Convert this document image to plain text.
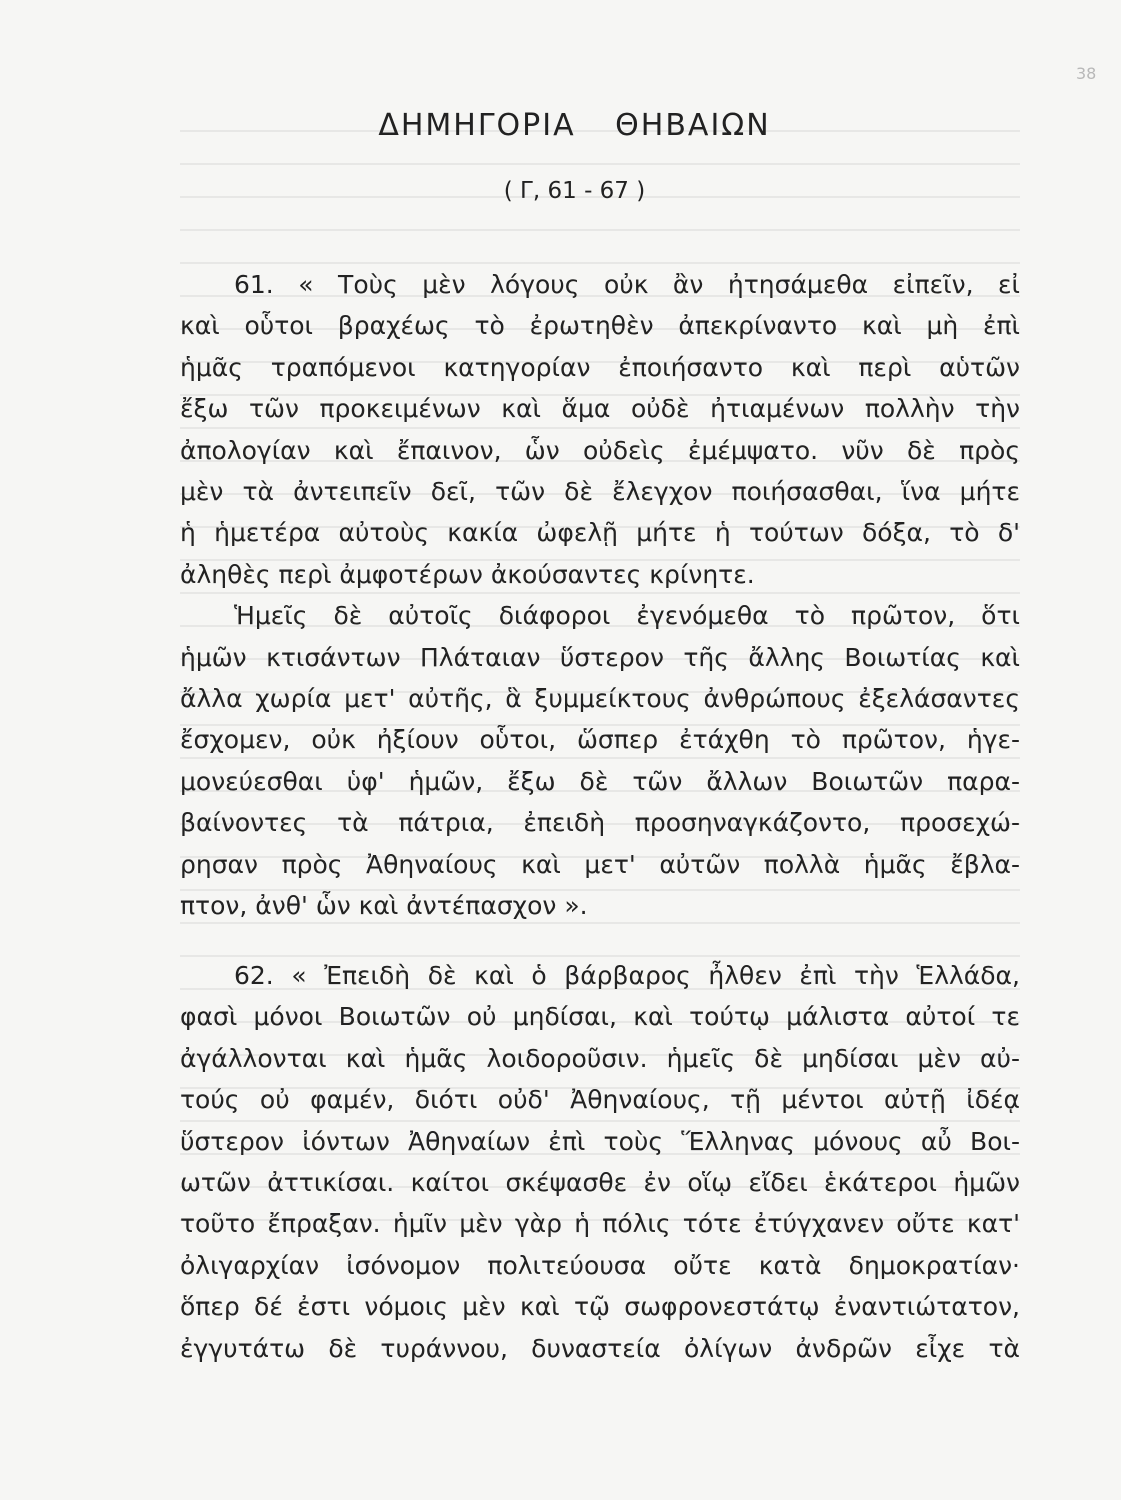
38
ΔΗΜΗΓΟΡΙΑ ΘΗΒΑΙΩΝ
( Γ, 61 - 67 )
61. « Τοὺς μὲν λόγους οὐκ ἂν ἠτησάμεθα εἰπεῖν, εἰ
καὶ οὗτοι βραχέως τὸ ἐρωτηθὲν ἀπεκρίναντο καὶ μὴ ἐπὶ
ἡμᾶς τραπόμενοι κατηγορίαν ἐποιήσαντο καὶ περὶ αὑτῶν
ἔξω τῶν προκειμένων καὶ ἅμα οὐδὲ ἠτιαμένων πολλὴν τὴν
ἀπολογίαν καὶ ἔπαινον, ὧν οὐδεὶς ἐμέμψατο. νῦν δὲ πρὸς
μὲν τὰ ἀντειπεῖν δεῖ, τῶν δὲ ἔλεγχον ποιήσασθαι, ἵνα μήτε
ἡ ἡμετέρα αὐτοὺς κακία ὠφελῇ μήτε ἡ τούτων δόξα, τὸ δ'
ἀληθὲς περὶ ἀμφοτέρων ἀκούσαντες κρίνητε.
Ἡμεῖς δὲ αὐτοῖς διάφοροι ἐγενόμεθα τὸ πρῶτον, ὅτι
ἡμῶν κτισάντων Πλάταιαν ὕστερον τῆς ἄλλης Βοιωτίας καὶ
ἄλλα χωρία μετ' αὐτῆς, ἃ ξυμμείκτους ἀνθρώπους ἐξελάσαντες
ἔσχομεν, οὐκ ἠξίουν οὗτοι, ὥσπερ ἐτάχθη τὸ πρῶτον, ἡγε-
μονεύεσθαι ὑφ' ἡμῶν, ἔξω δὲ τῶν ἄλλων Βοιωτῶν παρα-
βαίνοντες τὰ πάτρια, ἐπειδὴ προσηναγκάζοντο, προσεχώ-
ρησαν πρὸς Ἀθηναίους καὶ μετ' αὐτῶν πολλὰ ἡμᾶς ἔβλα-
πτον, ἀνθ' ὧν καὶ ἀντέπασχον ».
62. « Ἐπειδὴ δὲ καὶ ὁ βάρβαρος ἦλθεν ἐπὶ τὴν Ἑλλάδα,
φασὶ μόνοι Βοιωτῶν οὐ μηδίσαι, καὶ τούτῳ μάλιστα αὐτοί τε
ἀγάλλονται καὶ ἡμᾶς λοιδοροῦσιν. ἡμεῖς δὲ μηδίσαι μὲν αὐ-
τούς οὐ φαμέν, διότι οὐδ' Ἀθηναίους, τῇ μέντοι αὐτῇ ἰδέᾳ
ὕστερον ἰόντων Ἀθηναίων ἐπὶ τοὺς Ἕλληνας μόνους αὖ Βοι-
ωτῶν ἀττικίσαι. καίτοι σκέψασθε ἐν οἵῳ εἴδει ἑκάτεροι ἡμῶν
τοῦτο ἔπραξαν. ἡμῖν μὲν γὰρ ἡ πόλις τότε ἐτύγχανεν οὔτε κατ'
ὀλιγαρχίαν ἰσόνομον πολιτεύουσα οὔτε κατὰ δημοκρατίαν·
ὅπερ δέ ἐστι νόμοις μὲν καὶ τῷ σωφρονεστάτῳ ἐναντιώτατον,
ἐγγυτάτω δὲ τυράννου, δυναστεία ὀλίγων ἀνδρῶν εἶχε τὰ
